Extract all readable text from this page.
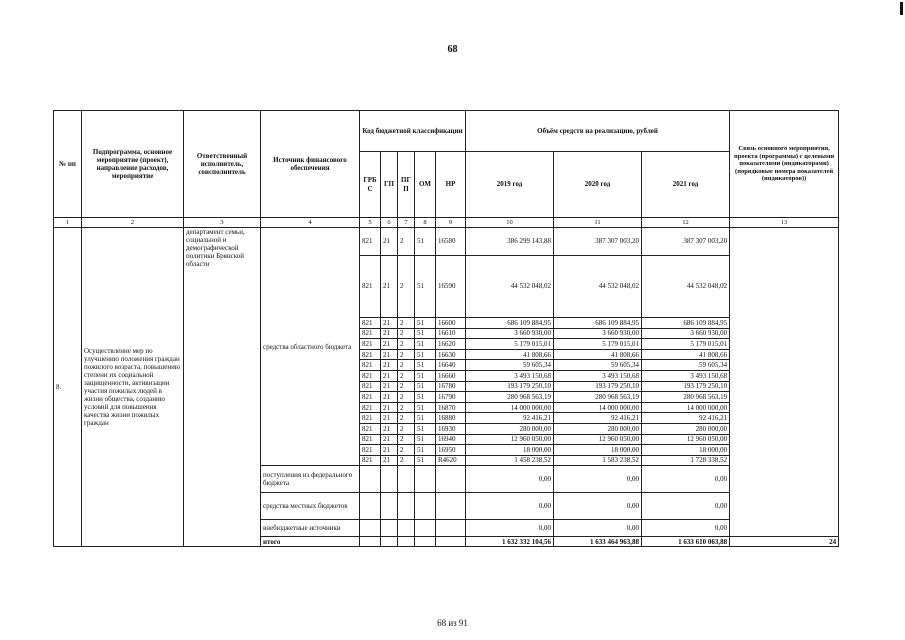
68
№ пп	Подпрограмма, основное мероприятие (проект), направление расходов, мероприятие	Ответственный исполнитель, соисполнитель	Источник финансового обеспечения	Код бюджетной классификации					Объём средств на реализацию, рублей			Связь основного мероприятия, проекта (программы) с целевыми показателями (индикаторами) (порядковые номера показателей (индикаторов))
				ГРБ С	ГП	ПГ П	ОМ	НР	2019 год	2020 год	2021 год	
1	2	3	4	5	6	7	8	9	10	11	12	13
8.	Осуществление мер по улучшению положения граждан пожилого возраста, повышению степени их социальной защищенности, активизации участия пожилых людей в жизни общества, созданию условий для повышения качества жизни пожилых граждан	департамент семьи, социальной и демографической политики Брянской области	средства областного бюджета	821	21	2	51	16580	386 299 143,88	387 307 003,20	387 307 003,20	
				821	21	2	51	16590	44 532 048,02	44 532 048,02	44 532 048,02	
				821	21	2	51	16600	686 109 884,95	686 109 884,95	686 109 884,95	
				821	21	2	51	16610	3 660 930,00	3 660 930,00	3 660 930,00	
				821	21	2	51	16620	5 179 015,01	5 179 015,01	5 179 015,01	
				821	21	2	51	16630	41 808,66	41 808,66	41 808,66	
				821	21	2	51	16640	59 605,34	59 605,34	59 605,34	
				821	21	2	51	16660	3 493 150,68	3 493 150,68	3 493 150,68	
				821	21	2	51	16780	193 179 250,10	193 179 250,10	193 179 250,10	
				821	21	2	51	16790	280 968 563,19	280 968 563,19	280 968 563,19	
				821	21	2	51	16870	14 000 000,00	14 000 000,00	14 000 000,00	
				821	21	2	51	16880	92 416,21	92 416,21	92 416,21	
				821	21	2	51	16930	280 000,00	280 000,00	280 000,00	
				821	21	2	51	16940	12 960 050,00	12 960 050,00	12 960 050,00	
				821	21	2	51	16950	18 000,00	18 000,00	18 000,00	
				821	21	2	51	R4620	1 458 238,52	1 583 238,52	1 728 338,52	
			поступления из федерального бюджета						0,00	0,00	0,00	
			средства местных бюджетов						0,00	0,00	0,00	
			внебюджетные источники						0,00	0,00	0,00	
			итого						1 632 332 104,56	1 633 464 963,88	1 633 610 063,88	24
68 из 91
